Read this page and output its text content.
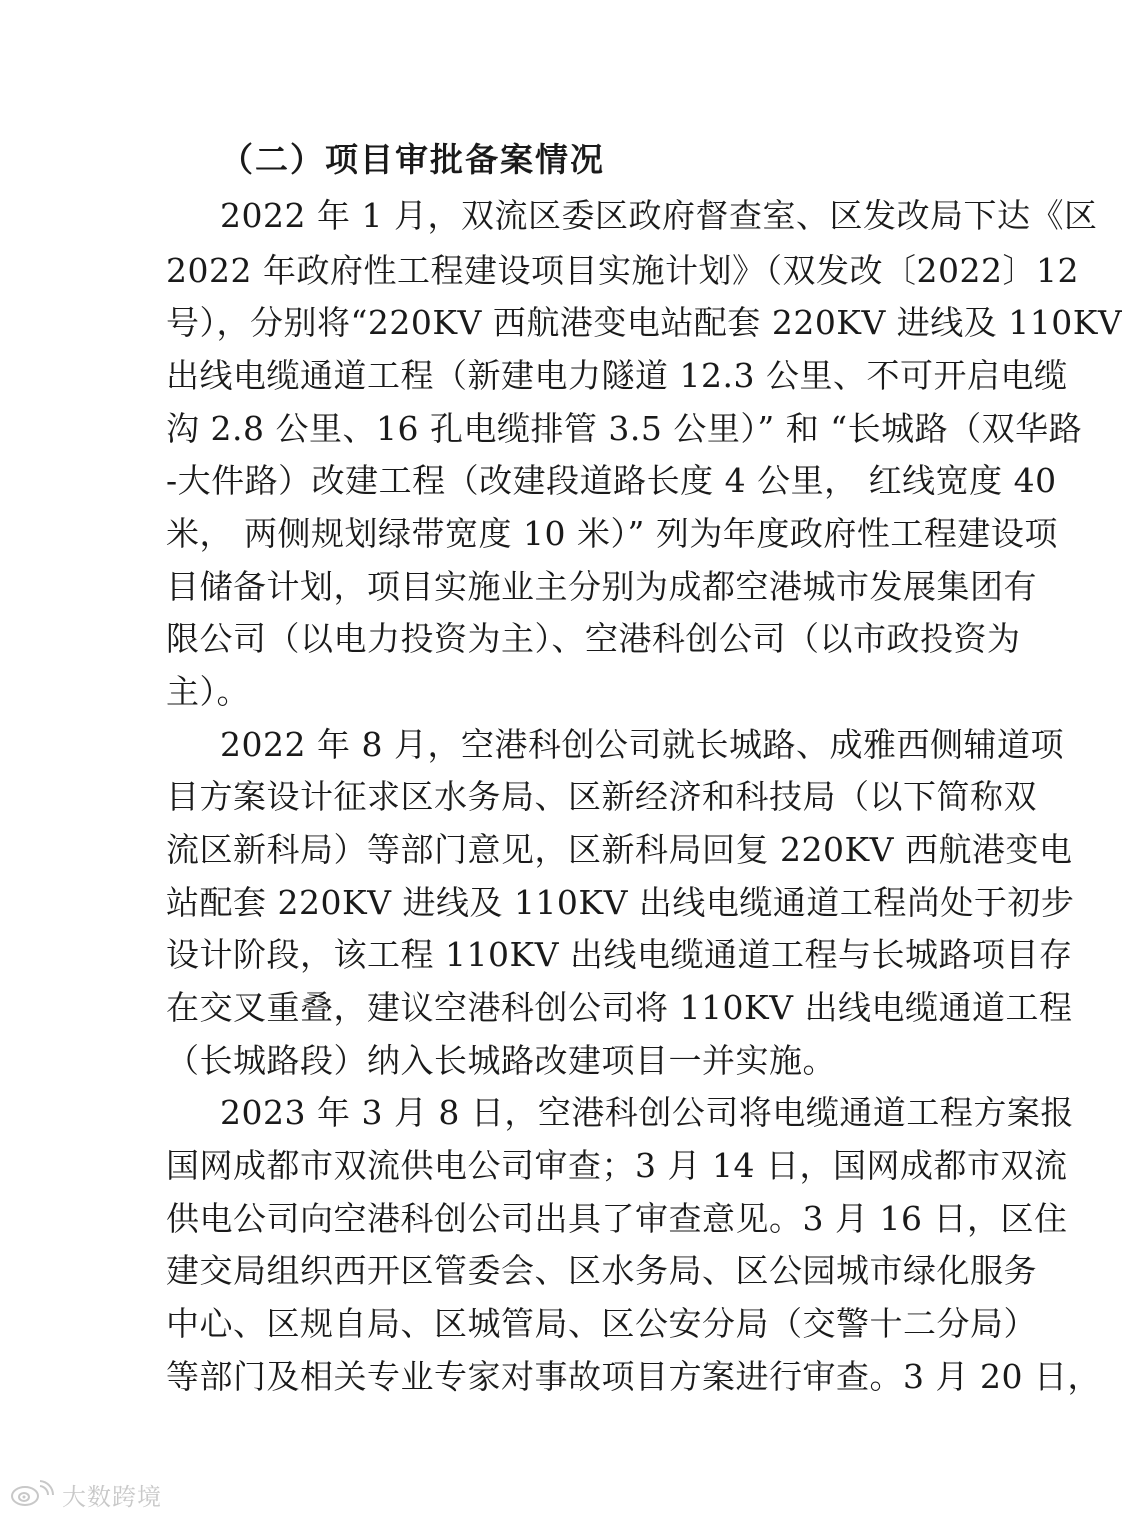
（二）项目审批备案情况
2022 年 1 月，双流区委区政府督查室、区发改局下达《区
2022 年政府性工程建设项目实施计划》（双发改〔2022〕12
号），分别将“220KV 西航港变电站配套 220KV 进线及 110KV
出线电缆通道工程（新建电力隧道 12.3 公里、不可开启电缆
沟 2.8 公里、16 孔电缆排管 3.5 公里）” 和 “长城路（双华路
-大件路）改建工程（改建段道路长度 4 公里， 红线宽度 40
米， 两侧规划绿带宽度 10 米）” 列为年度政府性工程建设项
目储备计划，项目实施业主分别为成都空港城市发展集团有
限公司（以电力投资为主）、空港科创公司（以市政投资为
主）。
2022 年 8 月，空港科创公司就长城路、成雅西侧辅道项
目方案设计征求区水务局、区新经济和科技局（以下简称双
流区新科局）等部门意见，区新科局回复 220KV 西航港变电
站配套 220KV 进线及 110KV 出线电缆通道工程尚处于初步
设计阶段，该工程 110KV 出线电缆通道工程与长城路项目存
在交叉重叠，建议空港科创公司将 110KV 出线电缆通道工程
（长城路段）纳入长城路改建项目一并实施。
2023 年 3 月 8 日，空港科创公司将电缆通道工程方案报
国网成都市双流供电公司审查；3 月 14 日，国网成都市双流
供电公司向空港科创公司出具了审查意见。3 月 16 日，区住
建交局组织西开区管委会、区水务局、区公园城市绿化服务
中心、区规自局、区城管局、区公安分局（交警十二分局）
等部门及相关专业专家对事故项目方案进行审查。3 月 20 日，
大数跨境
